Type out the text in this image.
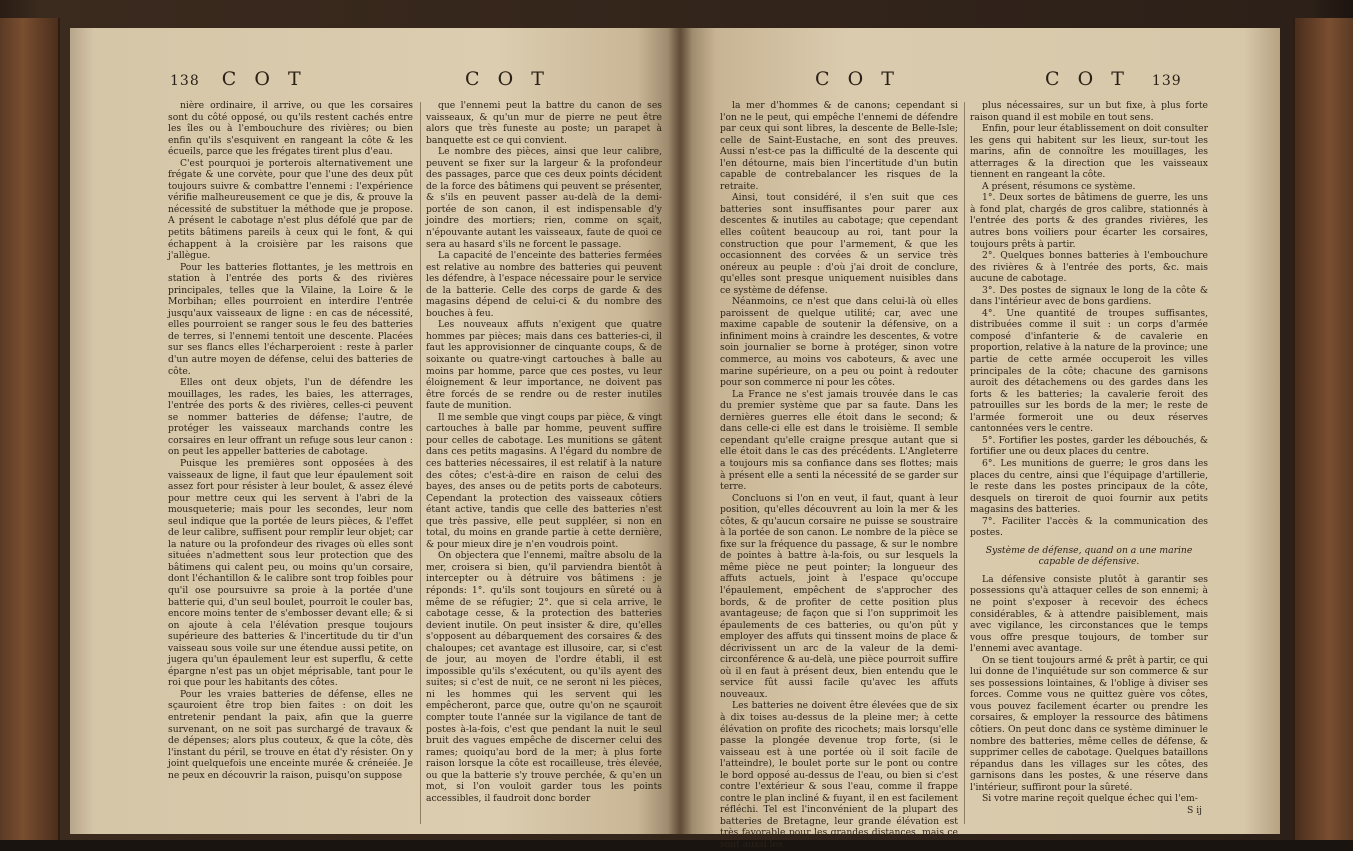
138 C O T	C O T

nière ordinaire, il arrive, ou que les corsaires sont du côté opposé, ou qu'ils restent cachés entre les îles ou à l'embouchure des rivières; ou bien enfin qu'ils s'esquivent en rangeant la côte & les écueils, parce que les frégates tirent plus d'eau.

C'est pourquoi je porterois alternativement une frégate & une corvète, pour que l'une des deux pût toujours suivre & combattre l'ennemi : l'expérience vérifie malheureusement ce que je dis, & prouve la nécessité de substituer la méthode que je propose. A présent le cabotage n'est plus défolé que par de petits bâtimens pareils à ceux qui le font, & qui échappent à la croisière par les raisons que j'allègue.

Pour les batteries flottantes, je les mettrois en station à l'entrée des ports & des rivières principales, telles que la Vilaine, la Loire & le Morbihan; elles pourroient en interdire l'entrée jusqu'aux vaisseaux de ligne : en cas de nécessité, elles pourroient se ranger sous le feu des batteries de terres, si l'ennemi tentoit une descente. Placées sur ses flancs elles l'écharperoient : reste à parler d'un autre moyen de défense, celui des batteries de côte.

Elles ont deux objets, l'un de défendre les mouillages, les rades, les baies, les atterrages, l'entrée des ports & des rivières, celles-ci peuvent se nommer batteries de défense; l'autre, de protéger les vaisseaux marchands contre les corsaires en leur offrant un refuge sous leur canon : on peut les appeller batteries de cabotage.

Puisque les premières sont opposées à des vaisseaux de ligne, il faut que leur épaulement soit assez fort pour résister à leur boulet, & assez élevé pour mettre ceux qui les servent à l'abri de la mousqueterie; mais pour les secondes, leur nom seul indique que la portée de leurs pièces, & l'effet de leur calibre, suffisent pour remplir leur objet; car la nature ou la profondeur des rivages où elles sont situées n'admettent sous leur protection que des bâtimens qui calent peu, ou moins qu'un corsaire, dont l'échantillon & le calibre sont trop foibles pour qu'il ose poursuivre sa proie à la portée d'une batterie qui, d'un seul boulet, pourroit le couler bas, encore moins tenter de s'embosser devant elle; & si on ajoute à cela l'élévation presque toujours supérieure des batteries & l'incertitude du tir d'un vaisseau sous voile sur une étendue aussi petite, on jugera qu'un épaulement leur est superflu, & cette épargne n'est pas un objet méprisable, tant pour le roi que pour les habitants des côtes.

Pour les vraies batteries de défense, elles ne sçauroient être trop bien faites : on doit les entretenir pendant la paix, afin que la guerre survenant, on ne soit pas surchargé de travaux & de dépenses; alors plus couteux, & que la côte, dès l'instant du péril, se trouve en état d'y résister. On y joint quelquefois une enceinte murée & créneiée. Je ne peux en découvrir la raison, puisqu'on suppose

que l'ennemi peut la battre du canon de ses vaisseaux, & qu'un mur de pierre ne peut être alors que très funeste au poste; un parapet à banquette est ce qui convient.

Le nombre des pièces, ainsi que leur calibre, peuvent se fixer sur la largeur & la profondeur des passages, parce que ces deux points décident de la force des bâtimens qui peuvent se présenter, & s'ils en peuvent passer au-delà de la demi-portée de son canon, il est indispensable d'y joindre des mortiers; rien, comme on sçait, n'épouvante autant les vaisseaux, faute de quoi ce sera au hasard s'ils ne forcent le passage.

La capacité de l'enceinte des batteries fermées est relative au nombre des batteries qui peuvent les défendre, à l'espace nécessaire pour le service de la batterie. Celle des corps de garde & des magasins dépend de celui-ci & du nombre des bouches à feu.

Les nouveaux affuts n'exigent que quatre hommes par pièces; mais dans ces batteries-ci, il faut les approvisionner de cinquante coups, & de soixante ou quatre-vingt cartouches à balle au moins par homme, parce que ces postes, vu leur éloignement & leur importance, ne doivent pas être forcés de se rendre ou de rester inutiles faute de munition.

Il me semble que vingt coups par pièce, & vingt cartouches à balle par homme, peuvent suffire pour celles de cabotage. Les munitions se gâtent dans ces petits magasins. A l'égard du nombre de ces batteries nécessaires, il est relatif à la nature des côtes; c'est-à-dire en raison de celui des bayes, des anses ou de petits ports de caboteurs. Cependant la protection des vaisseaux côtiers étant active, tandis que celle des batteries n'est que très passive, elle peut suppléer, si non en total, du moins en grande partie à cette dernière, & pour mieux dire je n'en voudrois point.

On objectera que l'ennemi, maître absolu de la mer, croisera si bien, qu'il parviendra bientôt à intercepter ou à détruire vos bâtimens : je réponds: 1°. qu'ils sont toujours en sûreté ou à même de se réfugier; 2°. que si cela arrive, le cabotage cesse, & la protection des batteries devient inutile. On peut insister & dire, qu'elles s'opposent au débarquement des corsaires & des chaloupes; cet avantage est illusoire, car, si c'est de jour, au moyen de l'ordre établi, il est impossible qu'ils s'exécutent, ou qu'ils ayent des suites; si c'est de nuit, ce ne seront ni les pièces, ni les hommes qui les servent qui les empêcheront, parce que, outre qu'on ne sçauroit compter toute l'année sur la vigilance de tant de postes à-la-fois, c'est que pendant la nuit le seul bruit des vagues empêche de discerner celui des rames; quoiqu'au bord de la mer; à plus forte raison lorsque la côte est rocailleuse, très élevée, ou que la batterie s'y trouve perchée, & qu'en un mot, si l'on vouloit garder tous les points accessibles, il faudroit donc border

C O T	C O T 139

la mer d'hommes & de canons; cependant si l'on ne le peut, qui empêche l'ennemi de défendre par ceux qui sont libres, la descente de Belle-Isle; celle de Saint-Eustache, en sont des preuves. Aussi n'est-ce pas la difficulté de la descente qui l'en détourne, mais bien l'incertitude d'un butin capable de contrebalancer les risques de la retraite.

Ainsi, tout considéré, il s'en suit que ces batteries sont insuffisantes pour parer aux descentes & inutiles au cabotage; que cependant elles coûtent beaucoup au roi, tant pour la construction que pour l'armement, & que les occasionnent des corvées & un service très onéreux au peuple : d'où j'ai droit de conclure, qu'elles sont presque uniquement nuisibles dans ce système de défense.

Néanmoins, ce n'est que dans celui-là où elles paroissent de quelque utilité; car, avec une maxime capable de soutenir la défensive, on a infiniment moins à craindre les descentes, & votre soin journalier se borne à protéger, sinon votre commerce, au moins vos caboteurs, & avec une marine supérieure, on a peu ou point à redouter pour son commerce ni pour les côtes.

La France ne s'est jamais trouvée dans le cas du premier système que par sa faute. Dans les dernières guerres elle étoit dans le second; & dans celle-ci elle est dans le troisième. Il semble cependant qu'elle craigne presque autant que si elle étoit dans le cas des précédents. L'Angleterre a toujours mis sa confiance dans ses flottes; mais à présent elle a senti la nécessité de se garder sur terre.

Concluons si l'on en veut, il faut, quant à leur position, qu'elles découvrent au loin la mer & les côtes, & qu'aucun corsaire ne puisse se soustraire à la portée de son canon. Le nombre de la pièce se fixe sur la fréquence du passage, & sur le nombre de pointes à battre à-la-fois, ou sur lesquels la même pièce ne peut pointer; la longueur des affuts actuels, joint à l'espace qu'occupe l'épaulement, empêchent de s'approcher des bords, & de profiter de cette position plus avantageuse; de façon que si l'on supprimoit les épaulements de ces batteries, ou qu'on pût y employer des affuts qui tinssent moins de place & décrivissent un arc de la valeur de la demi-circonférence & au-delà, une pièce pourroit suffire où il en faut à présent deux, bien entendu que le service fût aussi facile qu'avec les affuts nouveaux.

Les batteries ne doivent être élevées que de six à dix toises au-dessus de la pleine mer; à cette élévation on profite des ricochets; mais lorsqu'elle passe la plongée devenue trop forte, (si le vaisseau est à une portée où il soit facile de l'atteindre), le boulet porte sur le pont ou contre le bord opposé au-dessus de l'eau, ou bien si c'est contre l'extérieur & sous l'eau, comme il frappe contre le plan incliné & fuyant, il en est facilement réfléchi. Tel est l'inconvénient de la plupart des batteries de Bretagne, leur grande élévation est très favorable pour les grandes distances, mais ce sont aussi les

plus nécessaires, sur un but fixe, à plus forte raison quand il est mobile en tout sens.

Enfin, pour leur établissement on doit consulter les gens qui habitent sur les lieux, sur-tout les marins, afin de connoître les mouillages, les atterrages & la direction que les vaisseaux tiennent en rangeant la côte.

A présent, résumons ce système.

1°. Deux sortes de bâtimens de guerre, les uns à fond plat, chargés de gros calibre, stationnés à l'entrée des ports & des grandes rivières, les autres bons voiliers pour écarter les corsaires, toujours prêts à partir.

2°. Quelques bonnes batteries à l'embouchure des rivières & à l'entrée des ports, &c. mais aucune de cabotage.

3°. Des postes de signaux le long de la côte & dans l'intérieur avec de bons gardiens.

4°. Une quantité de troupes suffisantes, distribuées comme il suit : un corps d'armée composé d'infanterie & de cavalerie en proportion, relative à la nature de la province; une partie de cette armée occuperoit les villes principales de la côte; chacune des garnisons auroit des détachemens ou des gardes dans les forts & les batteries; la cavalerie feroit des patrouilles sur les bords de la mer; le reste de l'armée formeroit une ou deux réserves cantonnées vers le centre.

5°. Fortifier les postes, garder les débouchés, & fortifier une ou deux places du centre.

6°. Les munitions de guerre; le gros dans les places du centre, ainsi que l'équipage d'artillerie, le reste dans les postes principaux de la côte, desquels on tireroit de quoi fournir aux petits magasins des batteries.

7°. Faciliter l'accès & la communication des postes.

Système de défense, quand on a une marine capable de défensive.

La défensive consiste plutôt à garantir ses possessions qu'à attaquer celles de son ennemi; à ne point s'exposer à recevoir des échecs considérables, & à attendre paisiblement, mais avec vigilance, les circonstances que le temps vous offre presque toujours, de tomber sur l'ennemi avec avantage.

On se tient toujours armé & prêt à partir, ce qui lui donne de l'inquiétude sur son commerce & sur ses possessions lointaines, & l'oblige à diviser ses forces. Comme vous ne quittez guère vos côtes, vous pouvez facilement écarter ou prendre les corsaires, & employer la ressource des bâtimens côtiers. On peut donc dans ce système diminuer le nombre des batteries, même celles de défense, & supprimer celles de cabotage. Quelques bataillons répandus dans les villages sur les côtes, des garnisons dans les postes, & une réserve dans l'intérieur, suffiront pour la sûreté.

Si votre marine reçoit quelque échec qui l'em-

S ij
